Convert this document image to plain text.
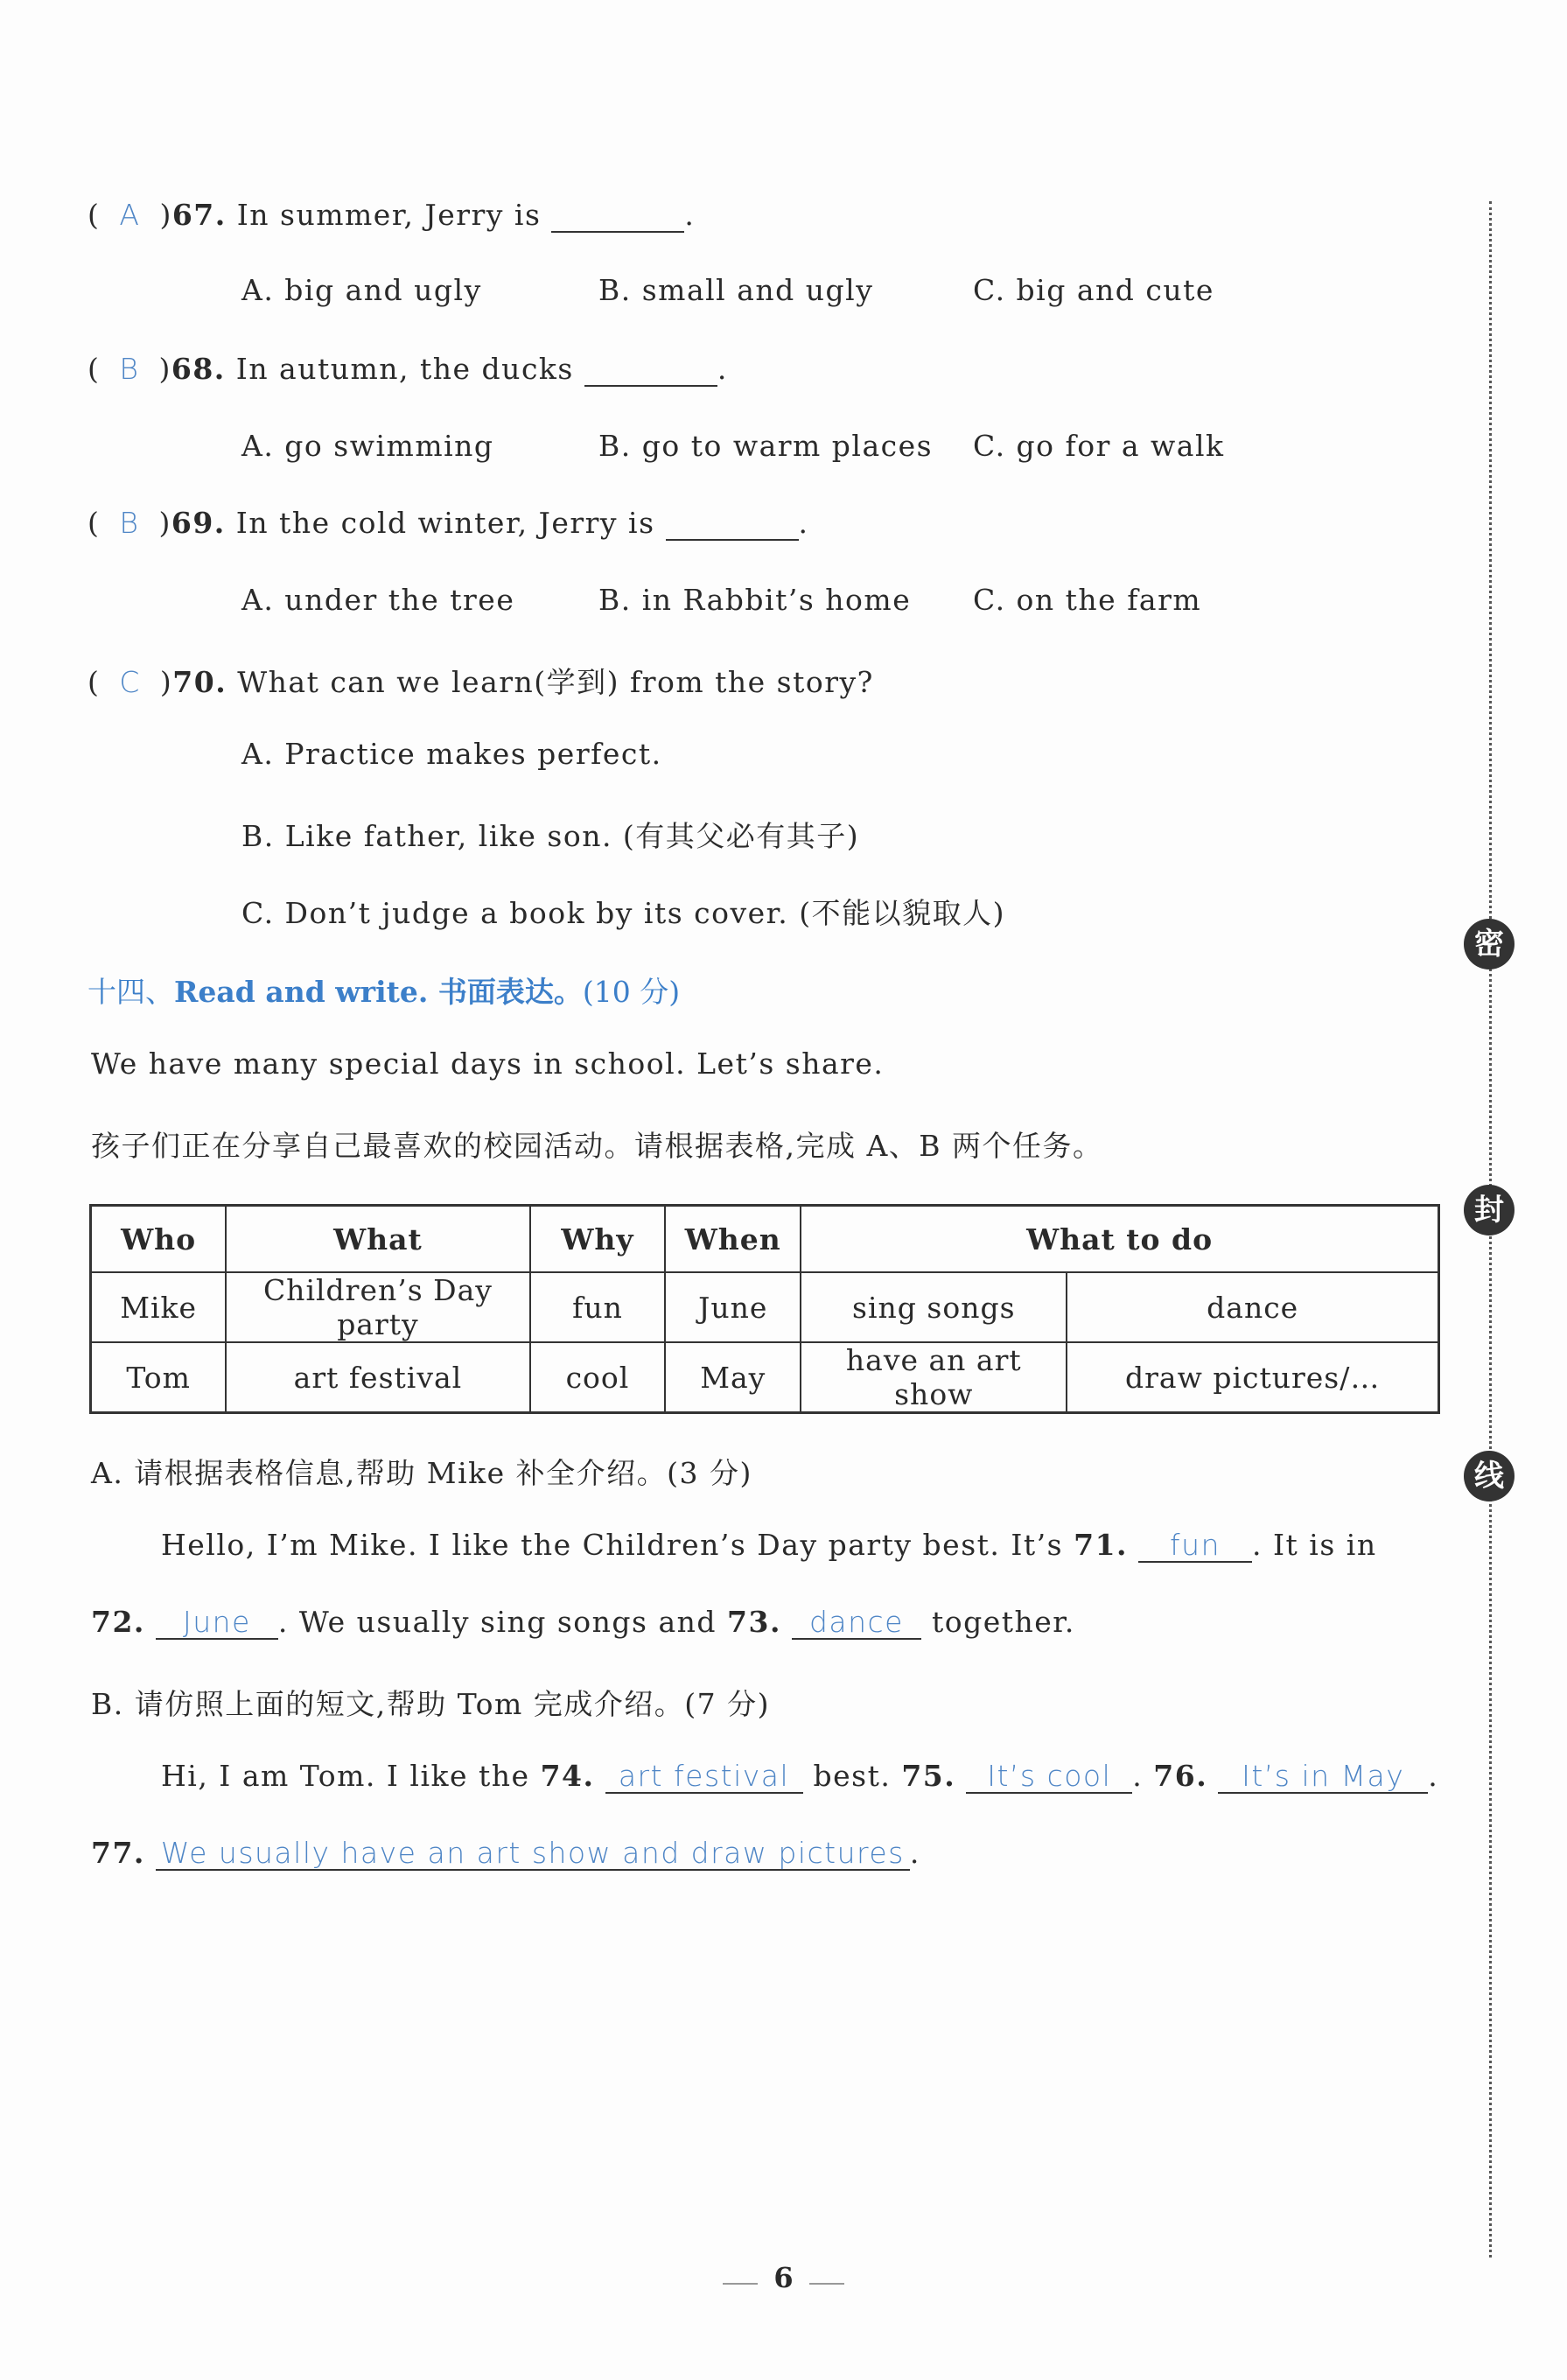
( A )67. In summer, Jerry is	.
A. big and ugly	B. small and ugly	C. big and cute
( B )68. In autumn, the ducks	.
A. go swimming	B. go to warm places C. go for a walk
( B )69. In the cold winter, Jerry is	.
A. under the tree	B. in Rabbit’s home C. on the farm
( C )70. What can we learn(学到) from the story?
A. Practice makes perfect.
B. Like father, like son. (有其父必有其子)
C. Don’t judge a book by its cover. (不能以貌取人)
十四、Read and write. 书面表达。(10 分)
We have many special days in school. Let’s share.
孩子们正在分享自己最喜欢的校园活动。请根据表格,完成 A、B 两个任务。
Who	What	Why	When	What to do	
Mike	Children’s Day party	fun	June	sing songs	dance
Tom	art festival	cool	May	have an art show	draw pictures/…
A. 请根据表格信息,帮助 Mike 补全介绍。(3 分)
Hello, I’m Mike. I like the Children’s Day party best. It’s 71. fun . It is in
72. June . We usually sing songs and 73. dance together.
B. 请仿照上面的短文,帮助 Tom 完成介绍。(7 分)
Hi, I am Tom. I like the 74. art festival best. 75. It’s cool . 76. It’s in May .
77. We usually have an art show and draw pictures .
密
封
线
6
